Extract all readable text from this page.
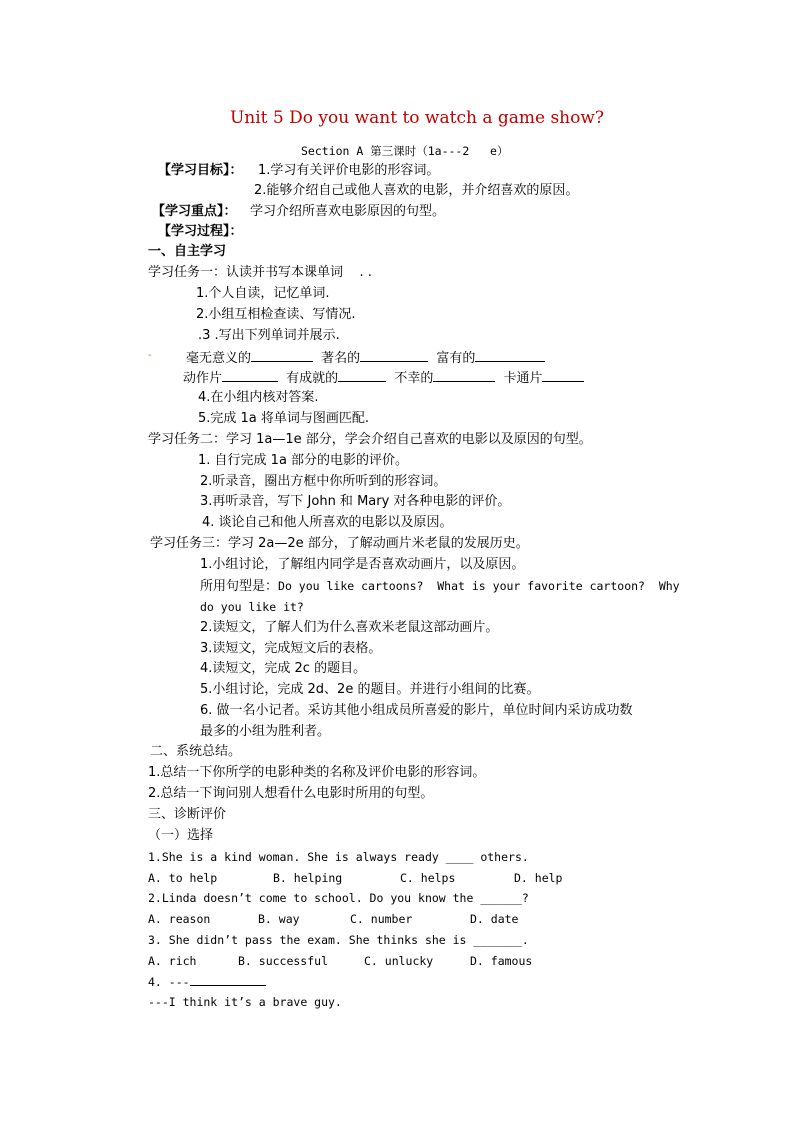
Unit 5 Do you want to watch a game show?
Section A 第三课时（1a---2   e）
【学习目标】： 1.学习有关评价电影的形容词。
2.能够介绍自己或他人喜欢的电影，并介绍喜欢的原因。
【学习重点】： 学习介绍所喜欢电影原因的句型。
【学习过程】：
一、自主学习
学习任务一：认读并书写本课单词    . .
1.个人自读，记忆单词.
2.小组互相检查读、写情况.
.3 .写出下列单词并展示.
-	毫无意义的	著名的	富有的
动作片	有成就的	不幸的	卡通片
4.在小组内核对答案.
5.完成 1a 将单词与图画匹配.
学习任务二：学习 1a—1e 部分，学会介绍自己喜欢的电影以及原因的句型。
1. 自行完成 1a 部分的电影的评价。
2.听录音，圈出方框中你所听到的形容词。
3.再听录音，写下 John 和 Mary 对各种电影的评价。
4. 谈论自己和他人所喜欢的电影以及原因。
学习任务三：学习 2a—2e 部分，了解动画片米老鼠的发展历史。
1.小组讨论，了解组内同学是否喜欢动画片，以及原因。
所用句型是：Do you like cartoons?  What is your favorite cartoon?  Why
do you like it?
2.读短文，了解人们为什么喜欢米老鼠这部动画片。
3.读短文，完成短文后的表格。
4.读短文，完成 2c 的题目。
5.小组讨论，完成 2d、2e 的题目。并进行小组间的比赛。
6. 做一名小记者。采访其他小组成员所喜爱的影片，单位时间内采访成功数
最多的小组为胜利者。
二、系统总结。
1.总结一下你所学的电影种类的名称及评价电影的形容词。
2.总结一下询问别人想看什么电影时所用的句型。
三、诊断评价
（一）选择
1.She is a kind woman. She is always ready ____ others.
A. to help	B. helping	C. helps	D. help
2.Linda doesn’t come to school. Do you know the ______?
A. reason	B. way	C. number	D. date
3. She didn’t pass the exam. She thinks she is _______.
A. rich	B. successful	C. unlucky	D. famous
4. ---
---I think it’s a brave guy.
